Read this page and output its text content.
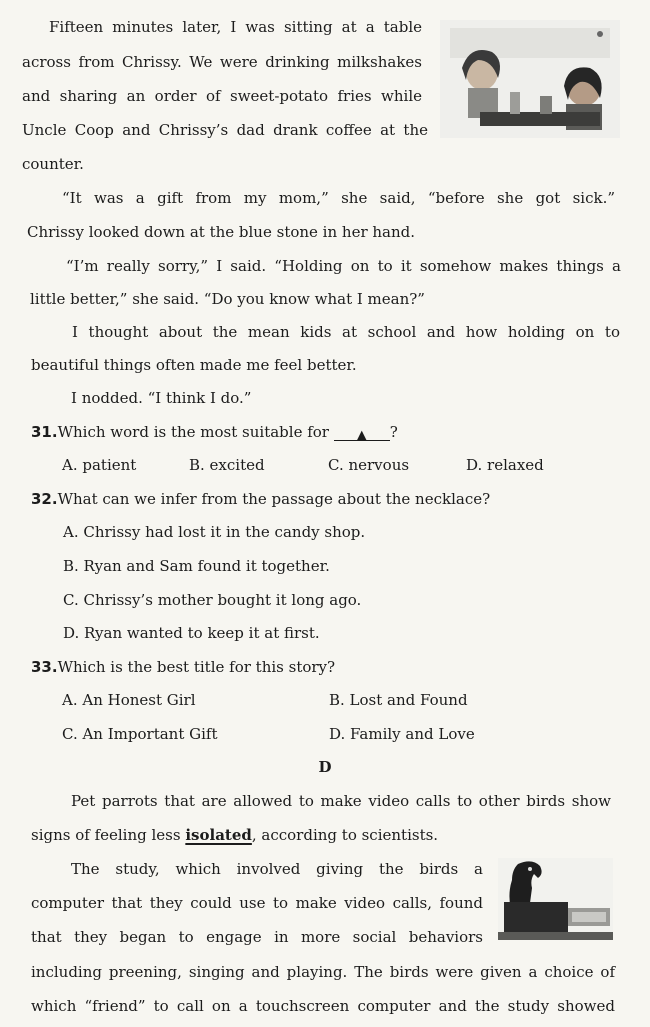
Fifteen minutes later, I was sitting at a table
across from Chrissy. We were drinking milkshakes
and sharing an order of sweet-potato fries while
Uncle Coop and Chrissy’s dad drank coffee at the
counter.
“It was a gift from my mom,” she said, “before she got sick.”
Chrissy looked down at the blue stone in her hand.
“I’m really sorry,” I said. “Holding on to it somehow makes things a
little better,” she said. “Do you know what I mean?”
I thought about the mean kids at school and how holding on to
beautiful things often made me feel better.
I nodded. “I think I do.”
31.Which word is the most suitable for ▲ ?
A. patient	B. excited	C. nervous	D. relaxed
32.What can we infer from the passage about the necklace?
A. Chrissy had lost it in the candy shop.
B. Ryan and Sam found it together.
C. Chrissy’s mother bought it long ago.
D. Ryan wanted to keep it at first.
33.Which is the best title for this story?
A. An Honest Girl	B. Lost and Found
C. An Important Gift	D. Family and Love
D
Pet parrots that are allowed to make video calls to other birds show
signs of feeling less isolated, according to scientists.
The study, which involved giving the birds a
computer that they could use to make video calls, found
that they began to engage in more social behaviors
including preening, singing and playing. The birds were given a choice of
which “friend” to call on a touchscreen computer and the study showed
